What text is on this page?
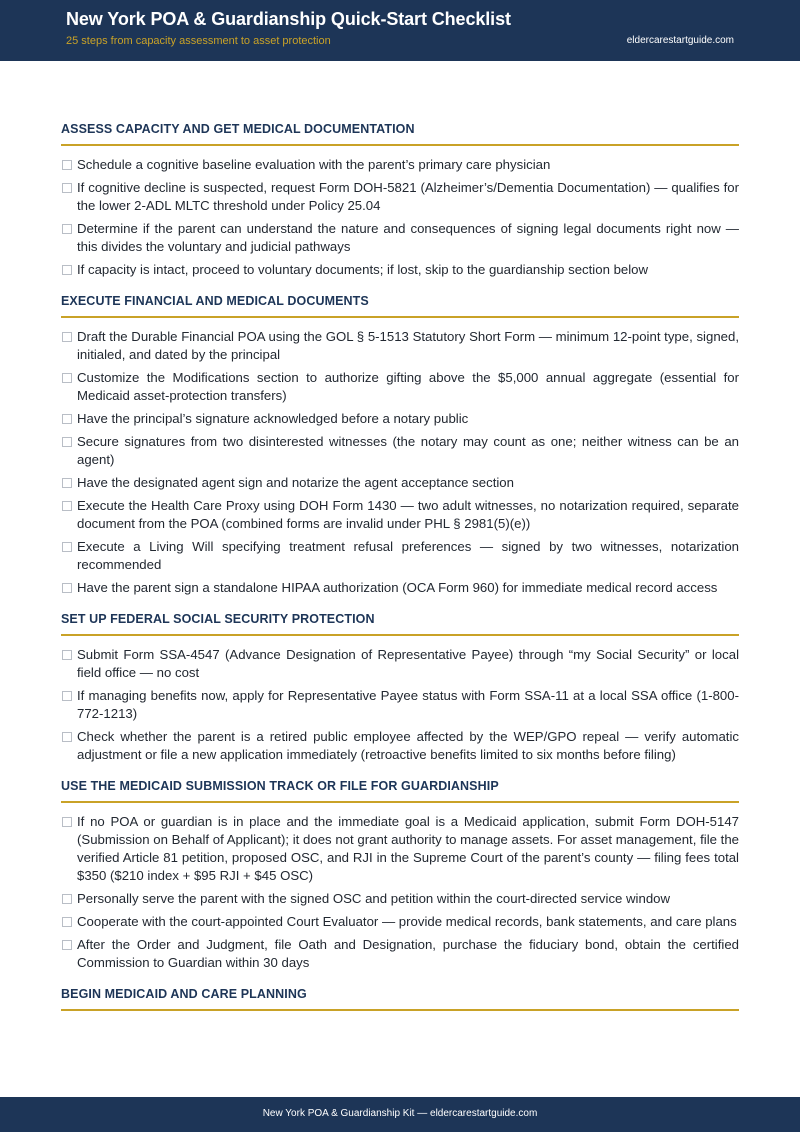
New York POA & Guardianship Quick-Start Checklist
25 steps from capacity assessment to asset protection	eldercarestartguide.com
ASSESS CAPACITY AND GET MEDICAL DOCUMENTATION
Schedule a cognitive baseline evaluation with the parent’s primary care physician
If cognitive decline is suspected, request Form DOH-5821 (Alzheimer’s/Dementia Documentation) — qualifies for the lower 2-ADL MLTC threshold under Policy 25.04
Determine if the parent can understand the nature and consequences of signing legal documents right now — this divides the voluntary and judicial pathways
If capacity is intact, proceed to voluntary documents; if lost, skip to the guardianship section below
EXECUTE FINANCIAL AND MEDICAL DOCUMENTS
Draft the Durable Financial POA using the GOL § 5-1513 Statutory Short Form — minimum 12-point type, signed, initialed, and dated by the principal
Customize the Modifications section to authorize gifting above the $5,000 annual aggregate (essential for Medicaid asset-protection transfers)
Have the principal’s signature acknowledged before a notary public
Secure signatures from two disinterested witnesses (the notary may count as one; neither witness can be an agent)
Have the designated agent sign and notarize the agent acceptance section
Execute the Health Care Proxy using DOH Form 1430 — two adult witnesses, no notarization required, separate document from the POA (combined forms are invalid under PHL § 2981(5)(e))
Execute a Living Will specifying treatment refusal preferences — signed by two witnesses, notarization recommended
Have the parent sign a standalone HIPAA authorization (OCA Form 960) for immediate medical record access
SET UP FEDERAL SOCIAL SECURITY PROTECTION
Submit Form SSA-4547 (Advance Designation of Representative Payee) through “my Social Security” or local field office — no cost
If managing benefits now, apply for Representative Payee status with Form SSA-11 at a local SSA office (1-800-772-1213)
Check whether the parent is a retired public employee affected by the WEP/GPO repeal — verify automatic adjustment or file a new application immediately (retroactive benefits limited to six months before filing)
USE THE MEDICAID SUBMISSION TRACK OR FILE FOR GUARDIANSHIP
If no POA or guardian is in place and the immediate goal is a Medicaid application, submit Form DOH-5147 (Submission on Behalf of Applicant); it does not grant authority to manage assets. For asset management, file the verified Article 81 petition, proposed OSC, and RJI in the Supreme Court of the parent’s county — filing fees total $350 ($210 index + $95 RJI + $45 OSC)
Personally serve the parent with the signed OSC and petition within the court-directed service window
Cooperate with the court-appointed Court Evaluator — provide medical records, bank statements, and care plans
After the Order and Judgment, file Oath and Designation, purchase the fiduciary bond, obtain the certified Commission to Guardian within 30 days
BEGIN MEDICAID AND CARE PLANNING
New York POA & Guardianship Kit — eldercarestartguide.com
